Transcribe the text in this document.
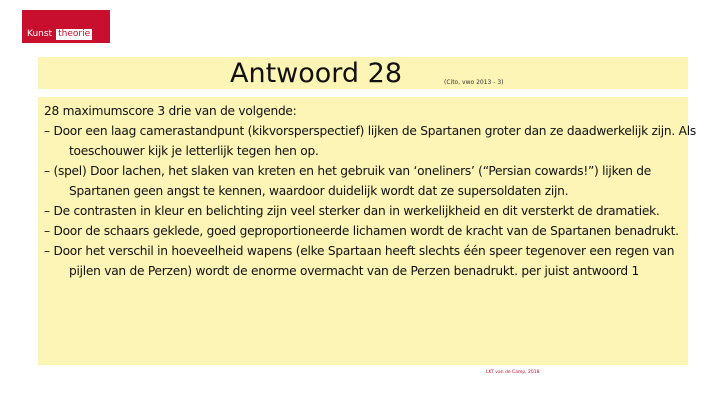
Kunst theorie
Antwoord 28	(Cito, vwo 2013 - 3)
28 maximumscore 3 drie van de volgende:
– Door een laag camerastandpunt (kikvorsperspectief) lijken de Spartanen groter dan ze daadwerkelijk zijn. Als
toeschouwer kijk je letterlijk tegen hen op.
– (spel) Door lachen, het slaken van kreten en het gebruik van ‘oneliners’ (“Persian cowards!”) lijken de
Spartanen geen angst te kennen, waardoor duidelijk wordt dat ze supersoldaten zijn.
– De contrasten in kleur en belichting zijn veel sterker dan in werkelijkheid en dit versterkt de dramatiek.
– Door de schaars geklede, goed geproportioneerde lichamen wordt de kracht van de Spartanen benadrukt.
– Door het verschil in hoeveelheid wapens (elke Spartaan heeft slechts één speer tegenover een regen van
pijlen van de Perzen) wordt de enorme overmacht van de Perzen benadrukt. per juist antwoord 1
LKT van de Camp, 2018
